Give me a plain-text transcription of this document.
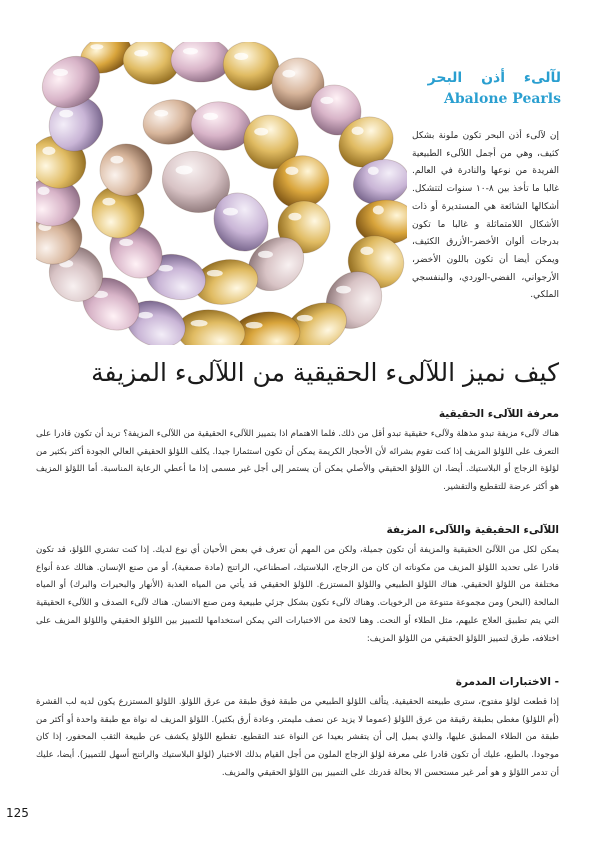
لآلىء أذن البحر
Abalone Pearls

إن لآلىء أذن البحر تكون ملونة بشكل كثيف، وهي من أجمل اللآلىء الطبيعية الفريدة من نوعها والنادرة في العالم. غالبا ما تأخذ بين ٨-١٠ سنوات لتتشكل. أشكالها الشائعة هي المستديرة أو ذات الأشكال اللامتماثلة و غالبا ما تكون بدرجات ألوان الأخضر-الأزرق الكثيف، ويمكن أيضا أن تكون باللون الأخضر، الأرجواني، الفضي-الوردي، والبنفسجي الملكي.

كيف نميز اللآلىء الحقيقية من اللآلىء المزيفة
معرفة اللآلىء الحقيقية

هناك لآلىء مزيفة تبدو مذهلة ولآلىء حقيقية تبدو أقل من ذلك. فلما الاهتمام اذا بتمييز اللآلىء الحقيقية من اللآلىء المزيفة؟ تريد أن تكون قادرا على التعرف على اللؤلؤ المزيف إذا كنت تقوم بشرائه لأن الأحجار الكريمة يمكن أن تكون استثمارا جيدا. يكلف اللؤلؤ الحقيقي العالي الجودة أكثر بكثير من لؤلؤة الزجاج أو البلاستيك. أيضا، ان اللؤلؤ الحقيقي والأصلي يمكن أن يستمر إلى أجل غير مسمى إذا ما أعطي الرعاية المناسبة. أما اللؤلؤ المزيف هو أكثر عرضة للتقطيع والتقشير.

اللآلىء الحقيقية واللآلىء المزيفة

يمكن لكل من اللآلئ الحقيقية والمزيفة أن تكون جميلة، ولكن من المهم أن تعرف في بعض الأحيان أي نوع لديك. إذا كنت تشتري اللؤلؤ، قد تكون قادرا على تحديد اللؤلؤ المزيف من مكوناته ان كان من الزجاج، البلاستيك، اصطناعي، الراتنج (مادة صمغية)، أو من صنع الإنسان. هنالك عدة أنواع مختلفة من اللؤلؤ الحقيقي. هناك اللؤلؤ الطبيعي واللؤلؤ المستزرع. اللؤلؤ الحقيقي قد يأتي من المياه العذبة (الأنهار والبحيرات والبرك) أو المياه المالحة (البحر) ومن مجموعة متنوعة من الرخويات. وهناك لآلىء تكون بشكل جزئي طبيعية ومن صنع الانسان. هناك لآلىء الصدف و اللآلىء الحقيقية التي يتم تطبيق العلاج عليهم، مثل الطلاء أو النحت. وهنا لائحة من الاختبارات التي يمكن استخدامها للتمييز بين اللؤلؤ الحقيقي واللؤلؤ المزيف على اختلافه، طرق لتمييز اللؤلؤ الحقيقي من اللؤلؤ المزيف:

- الاختبارات المدمرة

إذا قطعت لؤلؤ مفتوح، سترى طبيعته الحقيقية. يتألف اللؤلؤ الطبيعي من طبقة فوق طبقة من عرق اللؤلؤ. اللؤلؤ المستزرع يكون لديه لب القشرة (أم اللؤلؤ) مغطى بطبقة رقيقة من عرق اللؤلؤ (عموما لا يزيد عن نصف مليمتر، وعادة أرق بكثير). اللؤلؤ المزيف له نواة مع طبقة واحدة أو أكثر من طبقة من الطلاء المطبق عليها، والذي يميل إلى أن يتقشر بعيدا عن النواة عند التقطيع. تقطيع اللؤلؤ يكشف عن طبيعة الثقب المحفور، إذا كان موجودا. بالطبع، عليك أن تكون قادرا على معرفة لؤلؤ الزجاج الملون من أجل القيام بذلك الاختبار (لؤلؤ البلاستيك والراتنج أسهل للتمييز). أيضا، عليك أن تدمر اللؤلؤ و هو أمر غير مستحسن الا بحالة قدرتك على التمييز بين اللؤلؤ الحقيقي والمزيف.

125
